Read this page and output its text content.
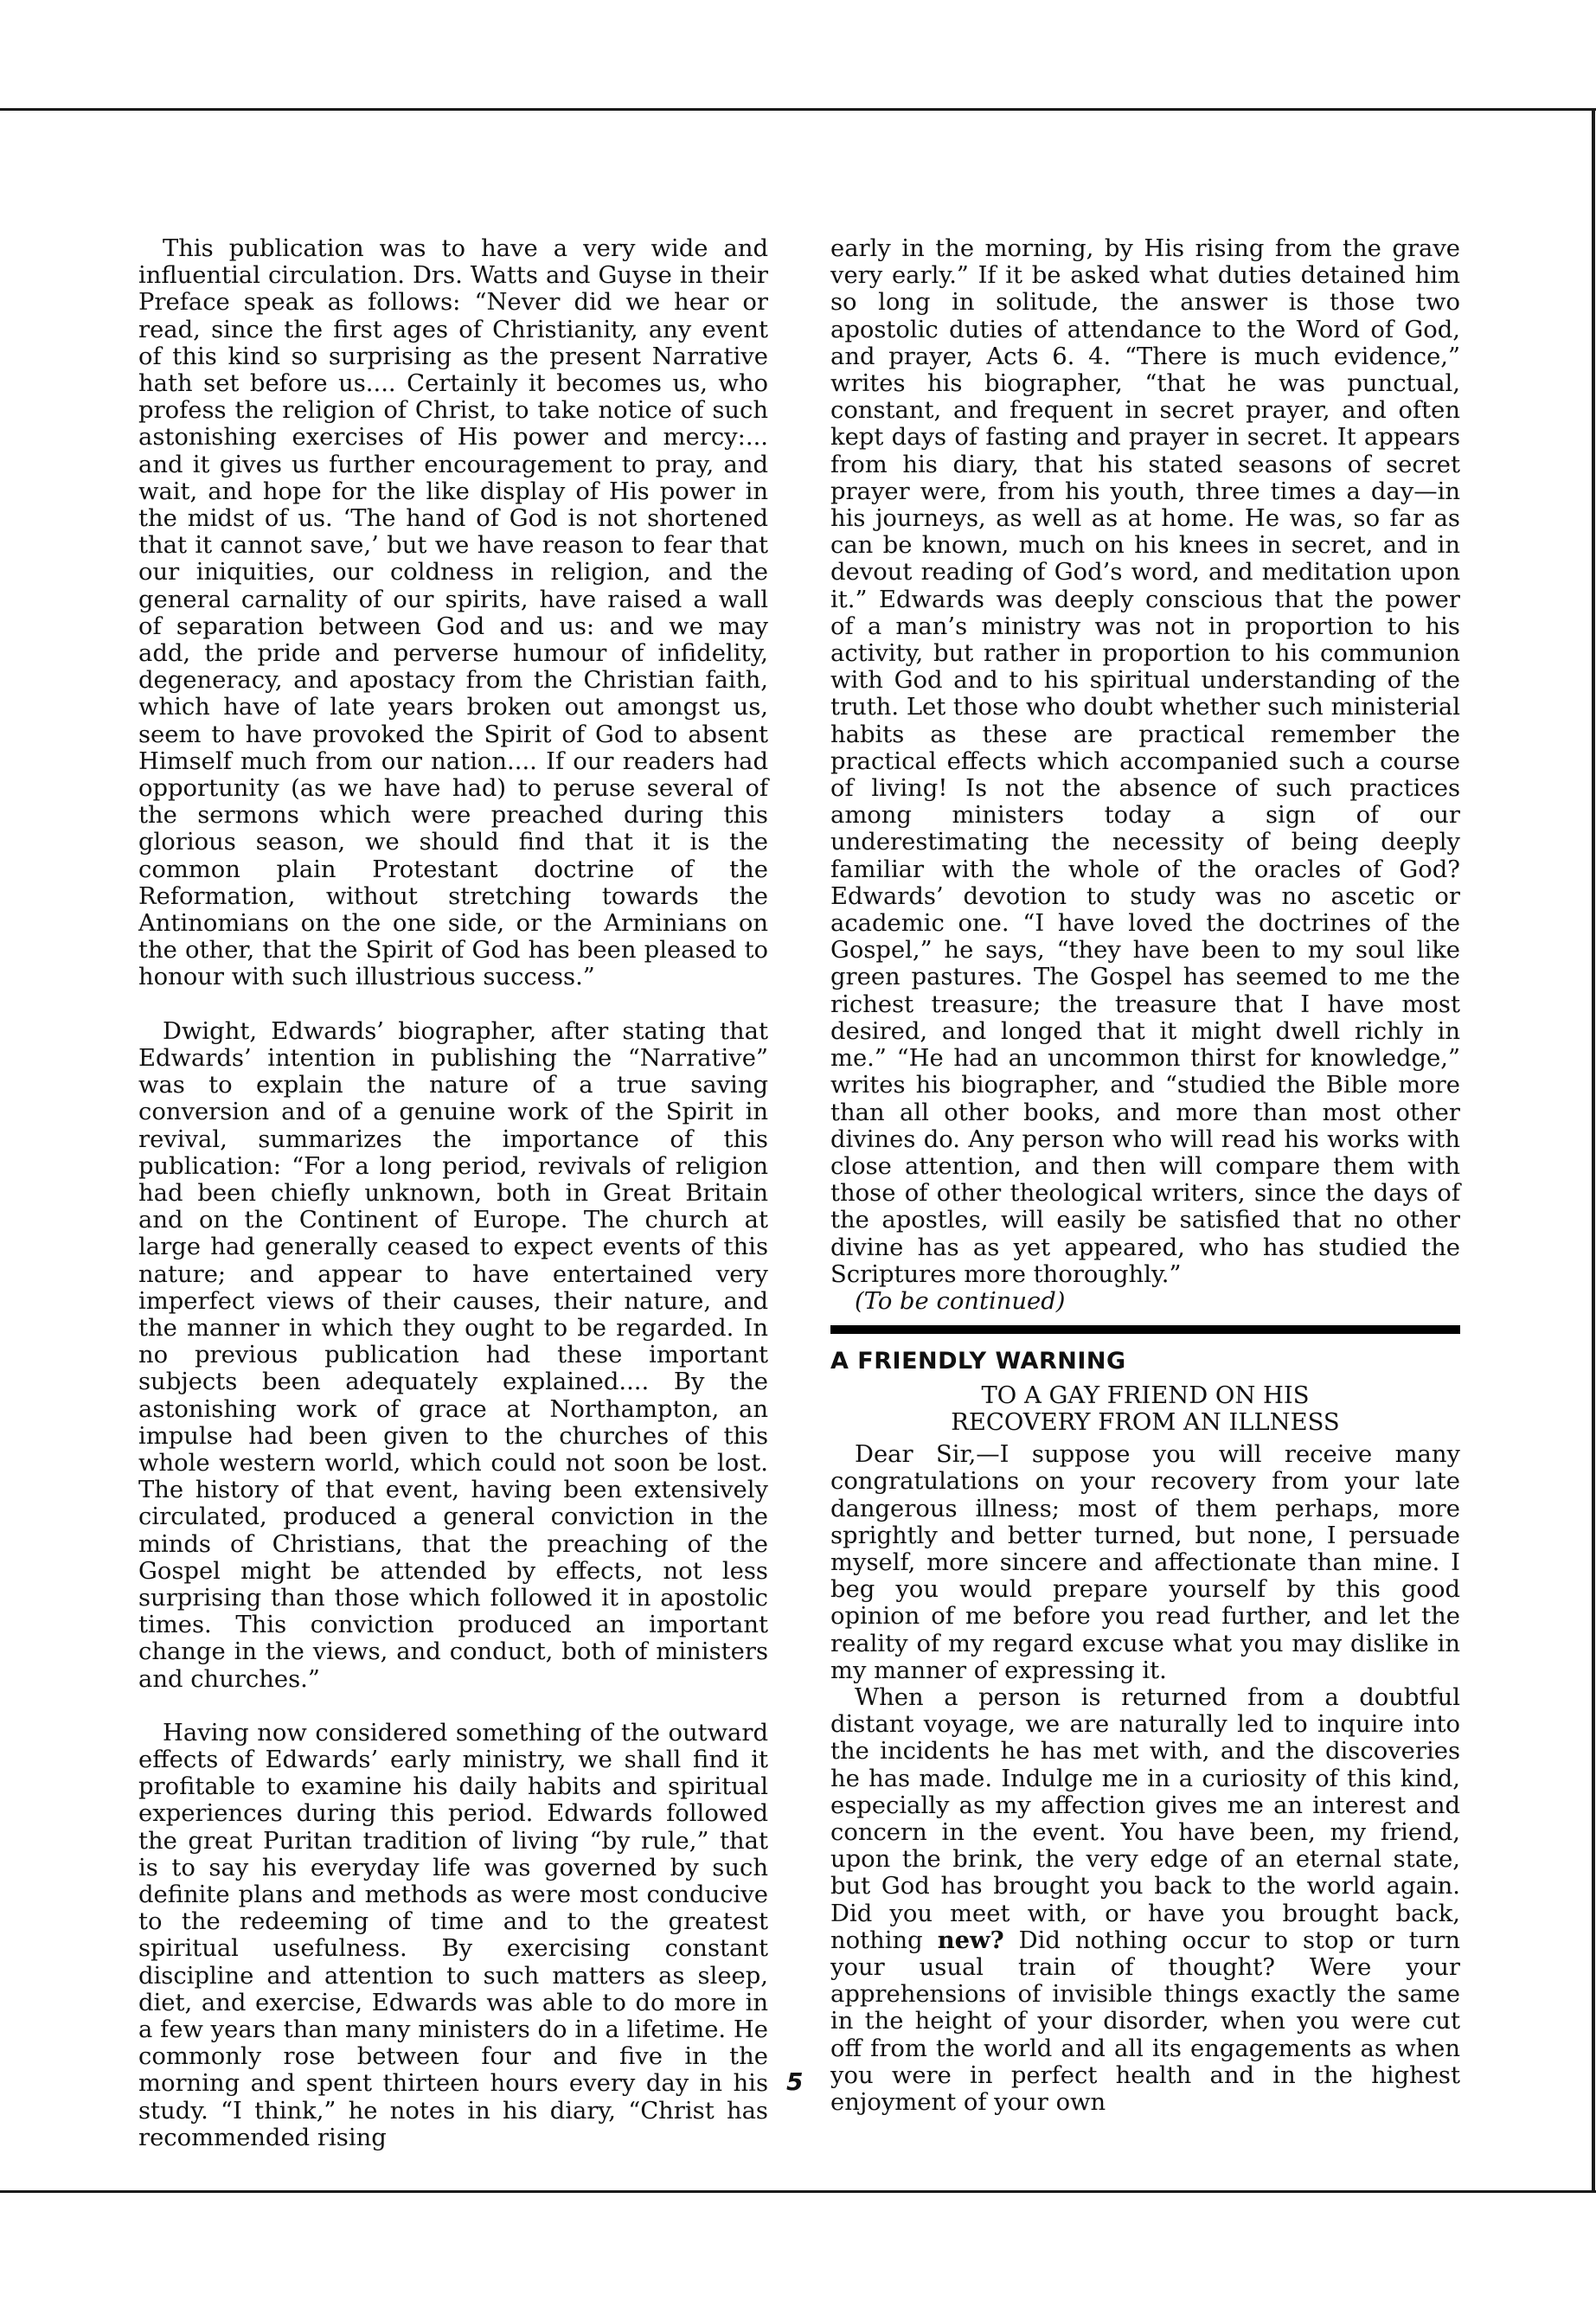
This publication was to have a very wide and influential circulation. Drs. Watts and Guyse in their Preface speak as follows: “Never did we hear or read, since the first ages of Christianity, any event of this kind so surprising as the present Narrative hath set before us.... Certainly it becomes us, who profess the religion of Christ, to take notice of such astonishing exercises of His power and mercy:... and it gives us further encouragement to pray, and wait, and hope for the like display of His power in the midst of us. ‘The hand of God is not shortened that it cannot save,’ but we have reason to fear that our iniquities, our coldness in religion, and the general carnality of our spirits, have raised a wall of separation between God and us: and we may add, the pride and perverse humour of infidelity, degeneracy, and apostacy from the Christian faith, which have of late years broken out amongst us, seem to have provoked the Spirit of God to absent Himself much from our nation.... If our readers had opportunity (as we have had) to peruse several of the sermons which were preached during this glorious season, we should find that it is the common plain Protestant doctrine of the Reformation, without stretching towards the Antinomians on the one side, or the Arminians on the other, that the Spirit of God has been pleased to honour with such illustrious success.”

Dwight, Edwards’ biographer, after stating that Edwards’ intention in publishing the “Narrative” was to explain the nature of a true saving conversion and of a genuine work of the Spirit in revival, summarizes the importance of this publication: “For a long period, revivals of religion had been chiefly unknown, both in Great Britain and on the Continent of Europe. The church at large had generally ceased to expect events of this nature; and appear to have entertained very imperfect views of their causes, their nature, and the manner in which they ought to be regarded. In no previous publication had these important subjects been adequately explained.... By the astonishing work of grace at Northampton, an impulse had been given to the churches of this whole western world, which could not soon be lost. The history of that event, having been extensively circulated, produced a general conviction in the minds of Christians, that the preaching of the Gospel might be attended by effects, not less surprising than those which followed it in apostolic times. This conviction produced an important change in the views, and conduct, both of ministers and churches.”

Having now considered something of the outward effects of Edwards’ early ministry, we shall find it profitable to examine his daily habits and spiritual experiences during this period. Edwards followed the great Puritan tradition of living “by rule,” that is to say his everyday life was governed by such definite plans and methods as were most conducive to the redeeming of time and to the greatest spiritual usefulness. By exercising constant discipline and attention to such matters as sleep, diet, and exercise, Edwards was able to do more in a few years than many ministers do in a lifetime. He commonly rose between four and five in the morning and spent thirteen hours every day in his study. “I think,” he notes in his diary, “Christ has recommended rising

early in the morning, by His rising from the grave very early.” If it be asked what duties detained him so long in solitude, the answer is those two apostolic duties of attendance to the Word of God, and prayer, Acts 6. 4. “There is much evidence,” writes his biographer, “that he was punctual, constant, and frequent in secret prayer, and often kept days of fasting and prayer in secret. It appears from his diary, that his stated seasons of secret prayer were, from his youth, three times a day—in his journeys, as well as at home. He was, so far as can be known, much on his knees in secret, and in devout reading of God’s word, and meditation upon it.” Edwards was deeply conscious that the power of a man’s ministry was not in proportion to his activity, but rather in proportion to his communion with God and to his spiritual understanding of the truth. Let those who doubt whether such ministerial habits as these are practical remember the practical effects which accompanied such a course of living! Is not the absence of such practices among ministers today a sign of our underestimating the necessity of being deeply familiar with the whole of the oracles of God? Edwards’ devotion to study was no ascetic or academic one. “I have loved the doctrines of the Gospel,” he says, “they have been to my soul like green pastures. The Gospel has seemed to me the richest treasure; the treasure that I have most desired, and longed that it might dwell richly in me.” “He had an uncommon thirst for knowledge,” writes his biographer, and “studied the Bible more than all other books, and more than most other divines do. Any person who will read his works with close attention, and then will compare them with those of other theological writers, since the days of the apostles, will easily be satisfied that no other divine has as yet appeared, who has studied the Scriptures more thoroughly.”

(To be continued)

A FRIENDLY WARNING
TO A GAY FRIEND ON HIS
RECOVERY FROM AN ILLNESS

Dear Sir,—I suppose you will receive many congratulations on your recovery from your late dangerous illness; most of them perhaps, more sprightly and better turned, but none, I persuade myself, more sincere and affectionate than mine. I beg you would prepare yourself by this good opinion of me before you read further, and let the reality of my regard excuse what you may dislike in my manner of expressing it.

When a person is returned from a doubtful distant voyage, we are naturally led to inquire into the incidents he has met with, and the discoveries he has made. Indulge me in a curiosity of this kind, especially as my affection gives me an interest and concern in the event. You have been, my friend, upon the brink, the very edge of an eternal state, but God has brought you back to the world again. Did you meet with, or have you brought back, nothing new? Did nothing occur to stop or turn your usual train of thought? Were your apprehensions of invisible things exactly the same in the height of your disorder, when you were cut off from the world and all its engagements as when you were in perfect health and in the highest enjoyment of your own

5
